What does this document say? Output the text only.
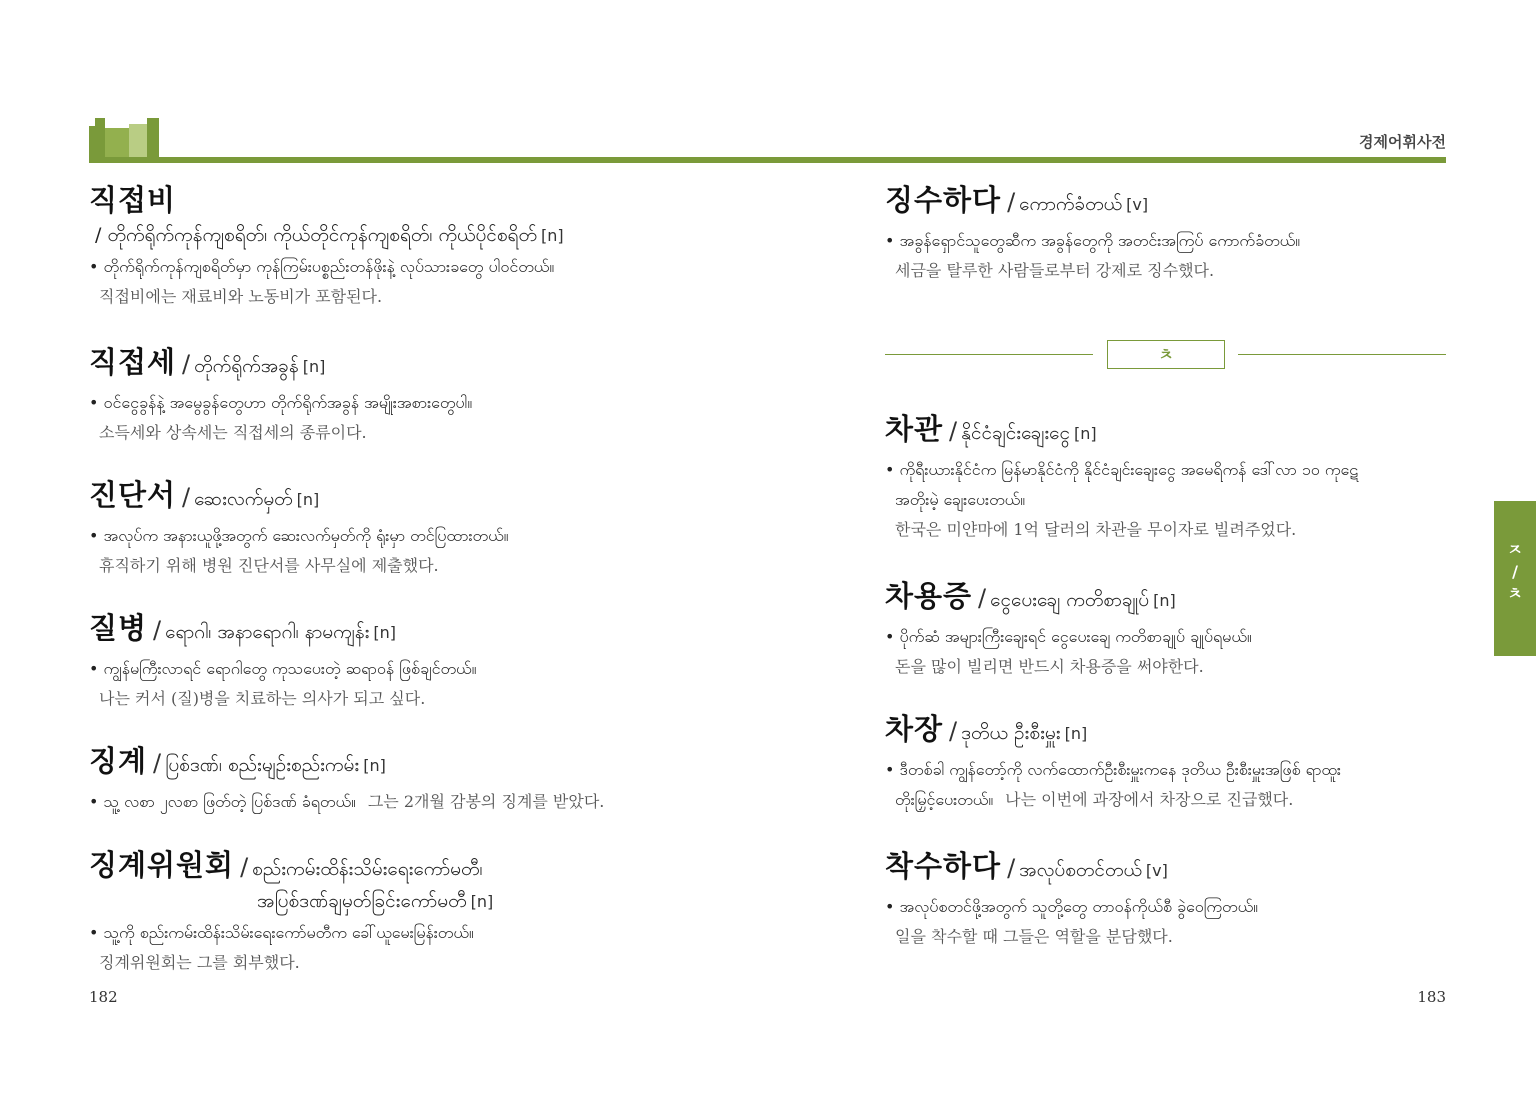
경제어휘사전
직접비
/ တိုက်ရိုက်ကုန်ကျစရိတ်၊ ကိုယ်တိုင်ကုန်ကျစရိတ်၊ ကိုယ်ပိုင်စရိတ် [n]
• တိုက်ရိုက်ကုန်ကျစရိတ်မှာ ကုန်ကြမ်းပစ္စည်းတန်ဖိုးနဲ့ လုပ်သားခတွေ ပါဝင်တယ်။
직접비에는 재료비와 노동비가 포함된다.
직접세 / တိုက်ရိုက်အခွန် [n]
• ဝင်ငွေခွန်နဲ့ အမွေခွန်တွေဟာ တိုက်ရိုက်အခွန် အမျိုးအစားတွေပါ။
소득세와 상속세는 직접세의 종류이다.
진단서 / ဆေးလက်မှတ် [n]
• အလုပ်က အနားယူဖို့အတွက် ဆေးလက်မှတ်ကို ရုံးမှာ တင်ပြထားတယ်။
휴직하기 위해 병원 진단서를 사무실에 제출했다.
질병 / ရောဂါ၊ အနာရောဂါ၊ နာမကျန်း [n]
• ကျွန်မကြီးလာရင် ရောဂါတွေ ကုသပေးတဲ့ ဆရာဝန် ဖြစ်ချင်တယ်။
나는 커서 (질)병을 치료하는 의사가 되고 싶다.
징계 / ပြစ်ဒဏ်၊ စည်းမျဉ်းစည်းကမ်း [n]
• သူ့ လစာ ၂လစာ ဖြတ်တဲ့ ပြစ်ဒဏ် ခံရတယ်။ 그는 2개월 감봉의 징계를 받았다.
징계위원회 / စည်းကမ်းထိန်းသိမ်းရေးကော်မတီ၊
အပြစ်ဒဏ်ချမှတ်ခြင်းကော်မတီ [n]
• သူ့ကို စည်းကမ်းထိန်းသိမ်းရေးကော်မတီက ခေါ်ယူမေးမြန်းတယ်။
징계위원회는 그를 회부했다.
징수하다 / ကောက်ခံတယ် [v]
• အခွန်ရှောင်သူတွေဆီက အခွန်တွေကို အတင်းအကြပ် ကောက်ခံတယ်။
세금을 탈루한 사람들로부터 강제로 징수했다.
차관 / နိုင်ငံချင်းချေးငွေ [n]
• ကိုရီးယားနိုင်ငံက မြန်မာနိုင်ငံကို နိုင်ငံချင်းချေးငွေ အမေရိကန် ဒေါ်လာ ၁၀ ကုဋေ
အတိုးမဲ့ ချေးပေးတယ်။
한국은 미얀마에 1억 달러의 차관을 무이자로 빌려주었다.
차용증 / ငွေပေးချေ ကတိစာချုပ် [n]
• ပိုက်ဆံ အများကြီးချေးရင် ငွေပေးချေ ကတိစာချုပ် ချုပ်ရမယ်။
돈을 많이 빌리면 반드시 차용증을 써야한다.
차장 / ဒုတိယ ဦးစီးမှူး [n]
• ဒီတစ်ခါ ကျွန်တော့်ကို လက်ထောက်ဦးစီးမှူးကနေ ဒုတိယ ဦးစီးမှူးအဖြစ် ရာထူး
တိုးမြှင့်ပေးတယ်။ 나는 이번에 과장에서 차장으로 진급했다.
착수하다 / အလုပ်စတင်တယ် [v]
• အလုပ်စတင်ဖို့အတွက် သူတို့တွေ တာဝန်ကိုယ်စီ ခွဲဝေကြတယ်။
일을 착수할 때 그들은 역할을 분담했다.
ㅊ
ㅈ
/
ㅊ
182	183
